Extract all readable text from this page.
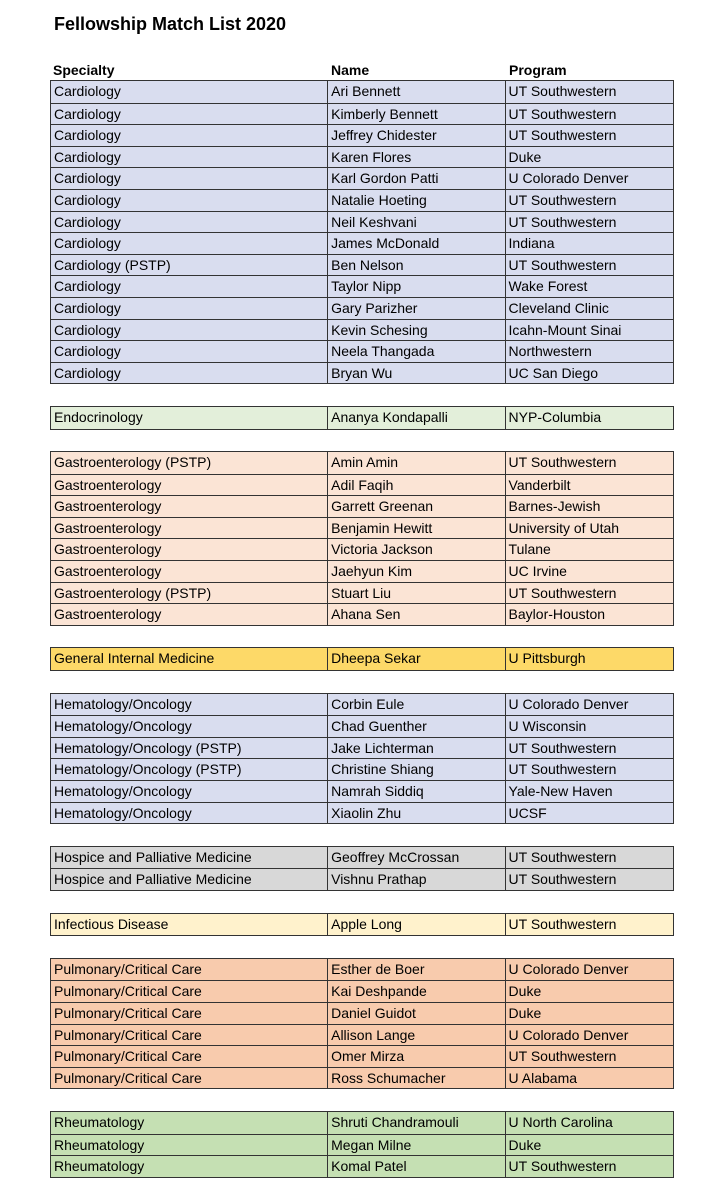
Fellowship Match List 2020
Specialty	Name	Program
Cardiology	Ari Bennett	UT Southwestern
Cardiology	Kimberly Bennett	UT Southwestern
Cardiology	Jeffrey Chidester	UT Southwestern
Cardiology	Karen Flores	Duke
Cardiology	Karl Gordon Patti	U Colorado Denver
Cardiology	Natalie Hoeting	UT Southwestern
Cardiology	Neil Keshvani	UT Southwestern
Cardiology	James McDonald	Indiana
Cardiology (PSTP)	Ben Nelson	UT Southwestern
Cardiology	Taylor Nipp	Wake Forest
Cardiology	Gary Parizher	Cleveland Clinic
Cardiology	Kevin Schesing	Icahn-Mount Sinai
Cardiology	Neela Thangada	Northwestern
Cardiology	Bryan Wu	UC San Diego
Endocrinology	Ananya Kondapalli	NYP-Columbia
Gastroenterology (PSTP)	Amin Amin	UT Southwestern
Gastroenterology	Adil Faqih	Vanderbilt
Gastroenterology	Garrett Greenan	Barnes-Jewish
Gastroenterology	Benjamin Hewitt	University of Utah
Gastroenterology	Victoria Jackson	Tulane
Gastroenterology	Jaehyun Kim	UC Irvine
Gastroenterology (PSTP)	Stuart Liu	UT Southwestern
Gastroenterology	Ahana Sen	Baylor-Houston
General Internal Medicine	Dheepa Sekar	U Pittsburgh
Hematology/Oncology	Corbin Eule	U Colorado Denver
Hematology/Oncology	Chad Guenther	U Wisconsin
Hematology/Oncology (PSTP)	Jake Lichterman	UT Southwestern
Hematology/Oncology (PSTP)	Christine Shiang	UT Southwestern
Hematology/Oncology	Namrah Siddiq	Yale-New Haven
Hematology/Oncology	Xiaolin Zhu	UCSF
Hospice and Palliative Medicine	Geoffrey McCrossan	UT Southwestern
Hospice and Palliative Medicine	Vishnu Prathap	UT Southwestern
Infectious Disease	Apple Long	UT Southwestern
Pulmonary/Critical Care	Esther de Boer	U Colorado Denver
Pulmonary/Critical Care	Kai Deshpande	Duke
Pulmonary/Critical Care	Daniel Guidot	Duke
Pulmonary/Critical Care	Allison Lange	U Colorado Denver
Pulmonary/Critical Care	Omer Mirza	UT Southwestern
Pulmonary/Critical Care	Ross Schumacher	U Alabama
Rheumatology	Shruti Chandramouli	U North Carolina
Rheumatology	Megan Milne	Duke
Rheumatology	Komal Patel	UT Southwestern
